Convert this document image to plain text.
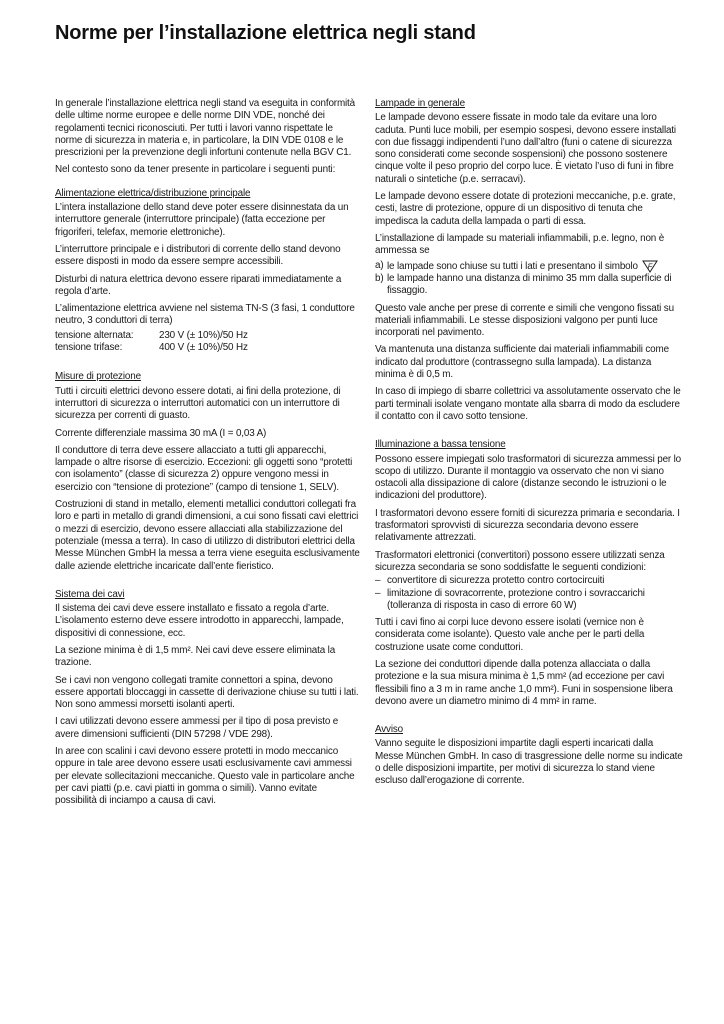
Norme per l’installazione elettrica negli stand

In generale l’installazione elettrica negli stand va eseguita in conformità delle ultime norme europee e delle norme DIN VDE, nonché dei regolamenti tecnici riconosciuti. Per tutti i lavori vanno rispettate le norme di sicurezza in materia e, in particolare, la DIN VDE 0108 e le prescrizioni per la prevenzione degli infortuni contenute nella BGV C1.

Nel contesto sono da tener presente in particolare i seguenti punti:

Alimentazione elettrica/distribuzione principale

L’intera installazione dello stand deve poter essere disinnestata da un interruttore generale (interruttore principale) (fatta eccezione per frigoriferi, telefax, memorie elettroniche).

L’interruttore principale e i distributori di corrente dello stand devono essere disposti in modo da essere sempre accessibili.

Disturbi di natura elettrica devono essere riparati immediatamente a regola d’arte.

L’alimentazione elettrica avviene nel sistema TN-S (3 fasi, 1 conduttore neutro, 3 conduttori di terra)

tensione alternata:	230 V (± 10%)/50 Hz
tensione trifase:	400 V (± 10%)/50 Hz

Misure di protezione

Tutti i circuiti elettrici devono essere dotati, ai fini della protezione, di interruttori di sicurezza o interruttori automatici con un interruttore di sicurezza per correnti di guasto.

Corrente differenziale massima 30 mA (I = 0,03 A)

Il conduttore di terra deve essere allacciato a tutti gli apparecchi, lampade o altre risorse di esercizio. Eccezioni: gli oggetti sono “protetti con isolamento” (classe di sicurezza 2) oppure vengono messi in esercizio con “tensione di protezione” (campo di tensione 1, SELV).

Costruzioni di stand in metallo, elementi metallici conduttori collegati fra loro e parti in metallo di grandi dimensioni, a cui sono fissati cavi elettrici o mezzi di esercizio, devono essere allacciati alla stabilizzazione del potenziale (messa a terra). In caso di utilizzo di distributori elettrici della Messe München GmbH la messa a terra viene eseguita esclusivamente dalle aziende elettriche incaricate dall’ente fieristico.

Sistema dei cavi

Il sistema dei cavi deve essere installato e fissato a regola d’arte. L’isolamento esterno deve essere introdotto in apparecchi, lampade, dispositivi di connessione, ecc.

La sezione minima è di 1,5 mm². Nei cavi deve essere eliminata la trazione.

Se i cavi non vengono collegati tramite connettori a spina, devono essere apportati bloccaggi in cassette di derivazione chiuse su tutti i lati. Non sono ammessi morsetti isolanti aperti.

I cavi utilizzati devono essere ammessi per il tipo di posa previsto e avere dimensioni sufficienti (DIN 57298 / VDE 298).

In aree con scalini i cavi devono essere protetti in modo meccanico oppure in tale aree devono essere usati esclusivamente cavi ammessi per elevate sollecitazioni meccaniche. Questo vale in particolare anche per cavi piatti (p.e. cavi piatti in gomma o simili). Vanno evitate possibilità di inciampo a causa di cavi.

Lampade in generale

Le lampade devono essere fissate in modo tale da evitare una loro caduta. Punti luce mobili, per esempio sospesi, devono essere installati con due fissaggi indipendenti l’uno dall’altro (funi o catene di sicurezza sono considerati come seconde sospensioni) che possono sostenere cinque volte il peso proprio del corpo luce. È vietato l’uso di funi in fibre naturali o sintetiche (p.e. serracavi).

Le lampade devono essere dotate di protezioni meccaniche, p.e. grate, cesti, lastre di protezione, oppure di un dispositivo di tenuta che impedisca la caduta della lampada o parti di essa.

L’installazione di lampade su materiali infiammabili, p.e. legno, non è ammessa se

a) le lampade sono chiuse su tutti i lati e presentano il simbolo F
b) le lampade hanno una distanza di minimo 35 mm dalla superficie di fissaggio.

Questo vale anche per prese di corrente e simili che vengono fissati su materiali infiammabili. Le stesse disposizioni valgono per punti luce incorporati nel pavimento.

Va mantenuta una distanza sufficiente dai materiali infiammabili come indicato dal produttore (contrassegno sulla lampada). La distanza minima è di 0,5 m.

In caso di impiego di sbarre collettrici va assolutamente osservato che le parti terminali isolate vengano montate alla sbarra di modo da escludere il contatto con il cavo sotto tensione.

Illuminazione a bassa tensione

Possono essere impiegati solo trasformatori di sicurezza ammessi per lo scopo di utilizzo. Durante il montaggio va osservato che non vi siano ostacoli alla dissipazione di calore (distanze secondo le istruzioni o le indicazioni del produttore).

I trasformatori devono essere forniti di sicurezza primaria e secondaria. I trasformatori sprovvisti di sicurezza secondaria devono essere relativamente attrezzati.

Trasformatori elettronici (convertitori) possono essere utilizzati senza sicurezza secondaria se sono soddisfatte le seguenti condizioni:

– convertitore di sicurezza protetto contro cortocircuiti
– limitazione di sovracorrente, protezione contro i sovraccarichi (tolleranza di risposta in caso di errore 60 W)

Tutti i cavi fino ai corpi luce devono essere isolati (vernice non è considerata come isolante). Questo vale anche per le parti della costruzione usate come conduttori.

La sezione dei conduttori dipende dalla potenza allacciata o dalla protezione e la sua misura minima è 1,5 mm² (ad eccezione per cavi flessibili fino a 3 m in rame anche 1,0 mm²). Funi in sospensione libera devono avere un diametro minimo di 4 mm² in rame.

Avviso

Vanno seguite le disposizioni impartite dagli esperti incaricati dalla Messe München GmbH. In caso di trasgressione delle norme su indicate o delle disposizioni impartite, per motivi di sicurezza lo stand viene escluso dall’erogazione di corrente.
